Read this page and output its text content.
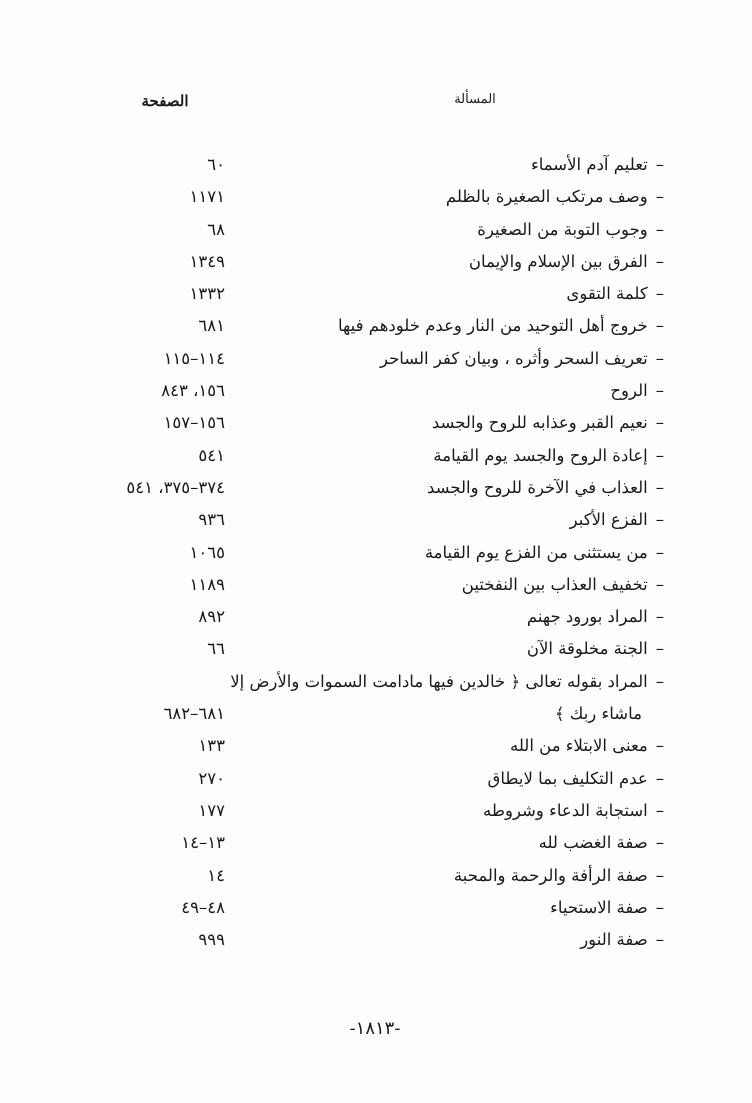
المسألة
الصفحة
–تعليم آدم الأسماء
٦٠
–وصف مرتكب الصغيرة بالظلم
١١٧١
–وجوب التوبة من الصغيرة
٦٨
–الفرق بين الإسلام والإيمان
١٣٤٩
–كلمة التقوى
١٣٣٢
–خروج أهل التوحيد من النار وعدم خلودهم فيها
٦٨١
–تعريف السحر وأثره ، وبيان كفر الساحر
١١٤–١١٥
–الروح
١٥٦، ٨٤٣
–نعيم القبر وعذابه للروح والجسد
١٥٦–١٥٧
–إعادة الروح والجسد يوم القيامة
٥٤١
–العذاب في الآخرة للروح والجسد
٣٧٤–٣٧٥، ٥٤١
–الفزع الأكبر
٩٣٦
–من يستثنى من الفزع يوم القيامة
١٠٦٥
–تخفيف العذاب بين النفختين
١١٨٩
–المراد بورود جهنم
٨٩٢
–الجنة مخلوقة الآن
٦٦
–المراد بقوله تعالى ﴿ خالدين فيها مادامت السموات والأرض إلا
ماشاء ربك ﴾
٦٨١–٦٨٢
–معنى الابتلاء من الله
١٣٣
–عدم التكليف بما لايطاق
٢٧٠
–استجابة الدعاء وشروطه
١٧٧
–صفة الغضب لله
١٣–١٤
–صفة الرأفة والرحمة والمحبة
١٤
–صفة الاستحياء
٤٨–٤٩
–صفة النور
٩٩٩
-١٨١٣-
